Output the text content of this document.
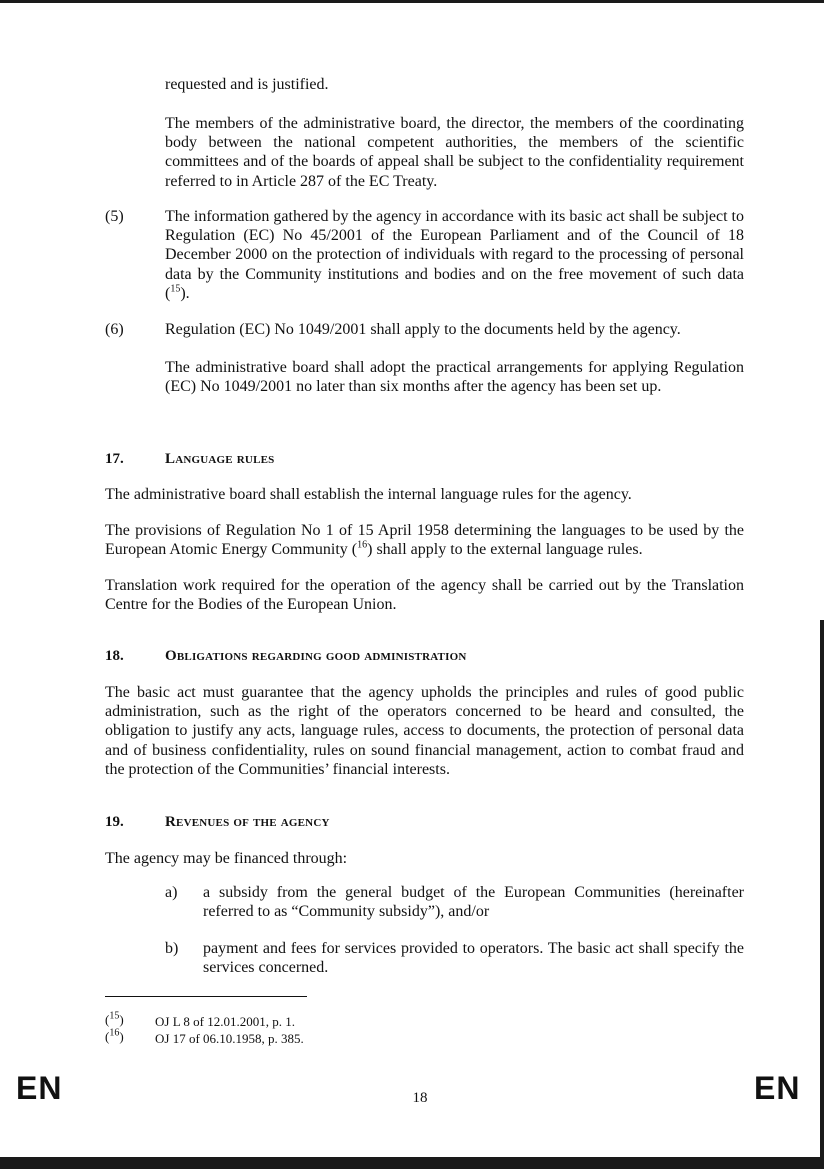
requested and is justified.

The members of the administrative board, the director, the members of the coordinating body between the national competent authorities, the members of the scientific committees and of the boards of appeal shall be subject to the confidentiality requirement referred to in Article 287 of the EC Treaty.

(5)	The information gathered by the agency in accordance with its basic act shall be subject to Regulation (EC) No 45/2001 of the European Parliament and of the Council of 18 December 2000 on the protection of individuals with regard to the processing of personal data by the Community institutions and bodies and on the free movement of such data ($^{15}$).

(6)	Regulation (EC) No 1049/2001 shall apply to the documents held by the agency.

The administrative board shall adopt the practical arrangements for applying Regulation (EC) No 1049/2001 no later than six months after the agency has been set up.

17.	Language rules

The administrative board shall establish the internal language rules for the agency.

The provisions of Regulation No 1 of 15 April 1958 determining the languages to be used by the European Atomic Energy Community ($^{16}$) shall apply to the external language rules.

Translation work required for the operation of the agency shall be carried out by the Translation Centre for the Bodies of the European Union.

18.	Obligations regarding good administration

The basic act must guarantee that the agency upholds the principles and rules of good public administration, such as the right of the operators concerned to be heard and consulted, the obligation to justify any acts, language rules, access to documents, the protection of personal data and of business confidentiality, rules on sound financial management, action to combat fraud and the protection of the Communities’ financial interests.

19.	Revenues of the agency

The agency may be financed through:

a) a subsidy from the general budget of the European Communities (hereinafter referred to as “Community subsidy”), and/or

b) payment and fees for services provided to operators. The basic act shall specify the services concerned.

($^{15}$) OJ L 8 of 12.01.2001, p. 1.

($^{16}$) OJ 17 of 06.10.1958, p. 385.

EN	18	EN
